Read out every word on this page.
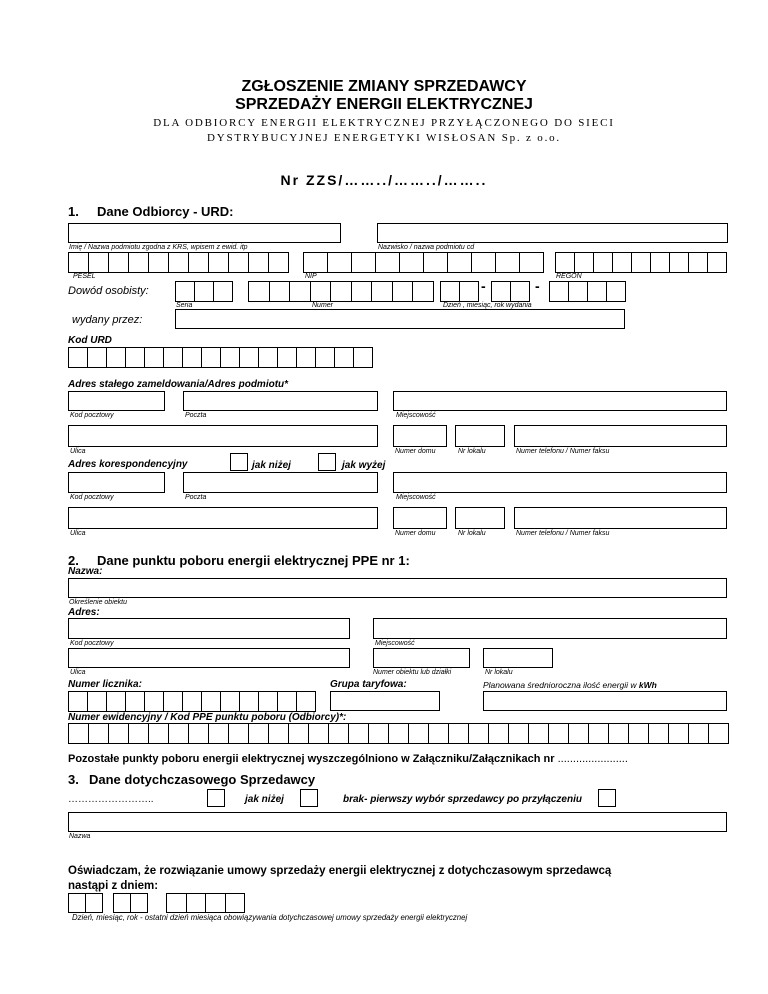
ZGŁOSZENIE ZMIANY SPRZEDAWCY
SPRZEDAŻY ENERGII ELEKTRYCZNEJ
DLA ODBIORCY ENERGII ELEKTRYCZNEJ PRZYŁĄCZONEGO DO SIECI
DYSTRYBUCYJNEJ ENERGETYKI WISŁOSAN Sp. z o.o.
Nr ZZS/……../……../……..
1. Dane Odbiorcy - URD:
Imię / Nazwa podmiotu zgodna z KRS, wpisem z ewid. itp	Nazwisko / nazwa podmiotu cd
PESEL	NIP	REGON
Dowód osobisty:	-	-
Seria	Numer	Dzień , miesiąc, rok wydania
wydany przez:
Kod URD
Adres stałego zameldowania/Adres podmiotu*
Kod pocztowy	Poczta	Miejscowość
Ulica	Numer domu	Nr lokalu	Numer telefonu / Numer faksu
Adres korespondencyjny	jak niżej	jak wyżej
Kod pocztowy	Poczta	Miejscowość
Ulica	Numer domu	Nr lokalu	Numer telefonu / Numer faksu
2. Dane punktu poboru energii elektrycznej PPE nr 1:
Nazwa:
Określenie obiektu
Adres:
Kod pocztowy	Miejscowość
Ulica	Numer obiektu lub działki	Nr lokalu
Numer licznika:	Grupa taryfowa:	Planowana średnioroczna ilość energii w kWh
Numer ewidencyjny / Kod PPE punktu poboru (Odbiorcy)*:
Pozostałe punkty poboru energii elektrycznej wyszczególniono w Załączniku/Załącznikach nr .......................
3. Dane dotychczasowego Sprzedawcy
……………………..	jak niżej	brak- pierwszy wybór sprzedawcy po przyłączeniu
Nazwa
Oświadczam, że rozwiązanie umowy sprzedaży energii elektrycznej z dotychczasowym sprzedawcą
nastąpi z dniem:
Dzień, miesiąc, rok - ostatni dzień miesiąca obowiązywania dotychczasowej umowy sprzedaży energii elektrycznej
